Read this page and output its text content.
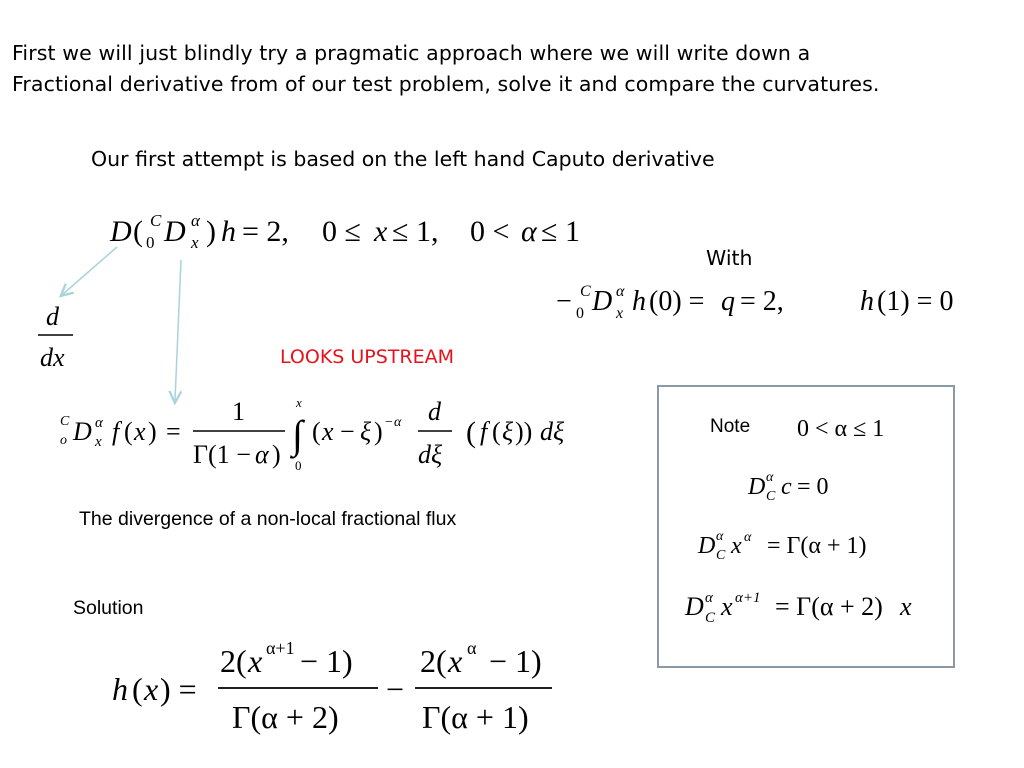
First we will just blindly try a pragmatic approach where we will write down a
Fractional derivative from of our test problem, solve it and compare the curvatures.
Our first attempt is based on the left hand Caputo derivative
With
LOOKS UPSTREAM
The divergence of a non-local fractional flux
Solution
Note
D ( C
0 D α
x ) h = 2, 0 ≤ x ≤ 1, 0 < α ≤ 1
− C
0 D α
x h (0) = q = 2,	h (1) = 0
d
dx
C
o D α
x f ( x ) =
1
Γ(1 − α ) ∫
x
0
( x − ξ ) − α d
dξ
( f ( ξ )) dξ	0 < α ≤ 1
D α
C c = 0
D α
C x α = Γ(α + 1)
D α
C x α+1 = Γ(α + 2) x
h ( x ) =
2( x α+1 − 1)
Γ(α + 2)
−
2( x α − 1)
Γ(α + 1)
